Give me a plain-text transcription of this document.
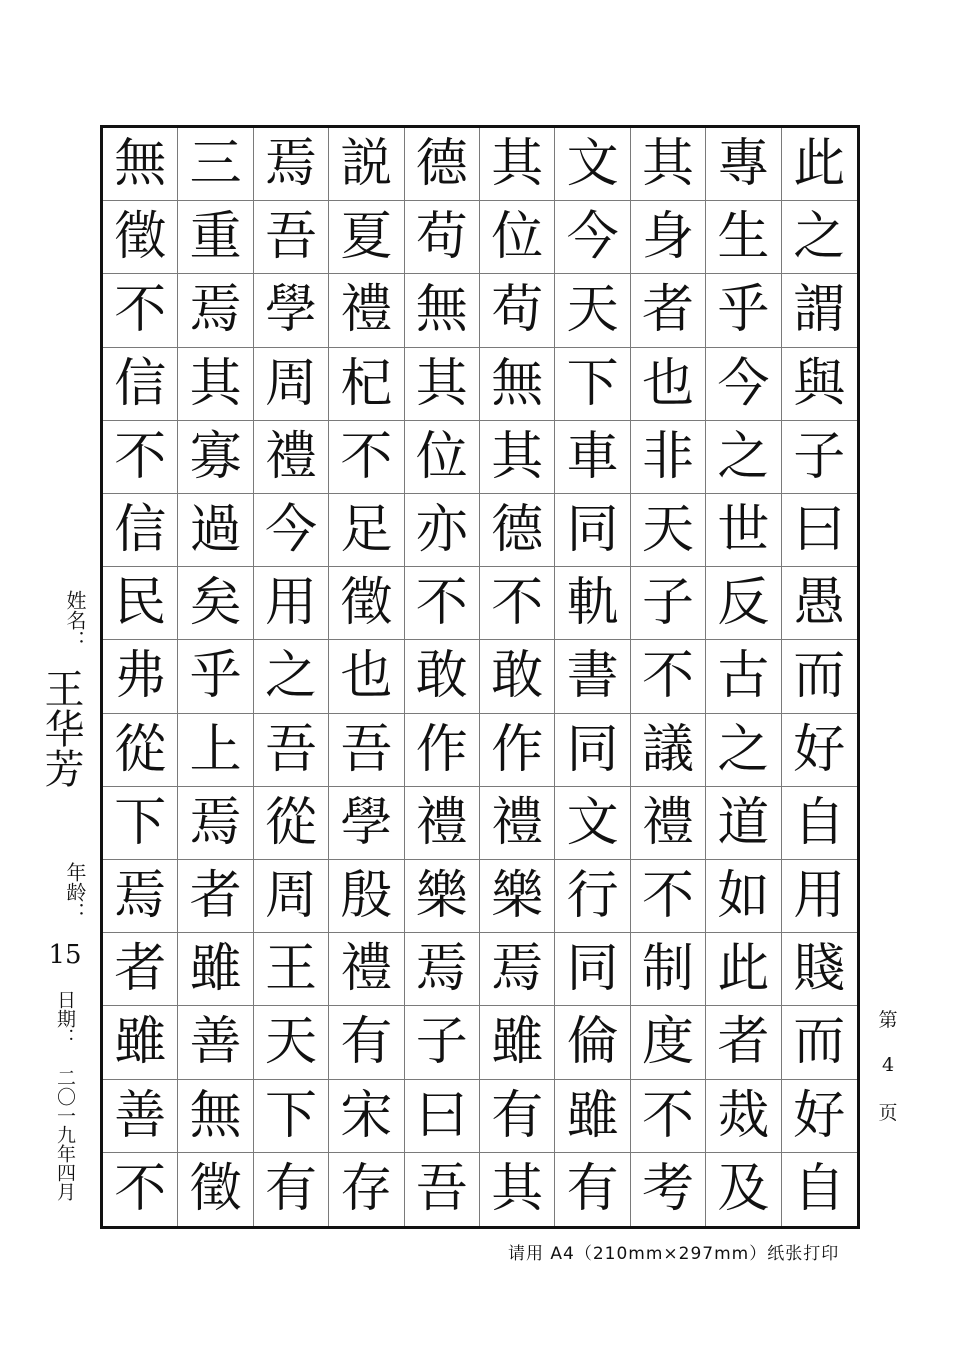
無 三 焉 説 德 其 文 其 專 此
徵 重 吾 夏 苟 位 今 身 生 之
不 焉 學 禮 無 苟 天 者 乎 謂
信 其 周 杞 其 無 下 也 今 與
不 寡 禮 不 位 其 車 非 之 子
信 過 今 足 亦 德 同 天 世 曰
民 矣 用 徵 不 不 軌 子 反 愚
弗 乎 之 也 敢 敢 書 不 古 而
從 上 吾 吾 作 作 同 議 之 好
下 焉 從 學 禮 禮 文 禮 道 自
焉 者 周 殷 樂 樂 行 不 如 用
者 雖 王 禮 焉 焉 同 制 此 賤
雖 善 天 有 子 雖 倫 度 者 而
善 無 下 宋 曰 有 雖 不 烖 好
不 徵 有 存 吾 其 有 考 及 自
姓名：
王华芳
年龄：
15
日期：
二〇一九年四月
第
4
页
请用 A4（210mm×297mm）纸张打印
